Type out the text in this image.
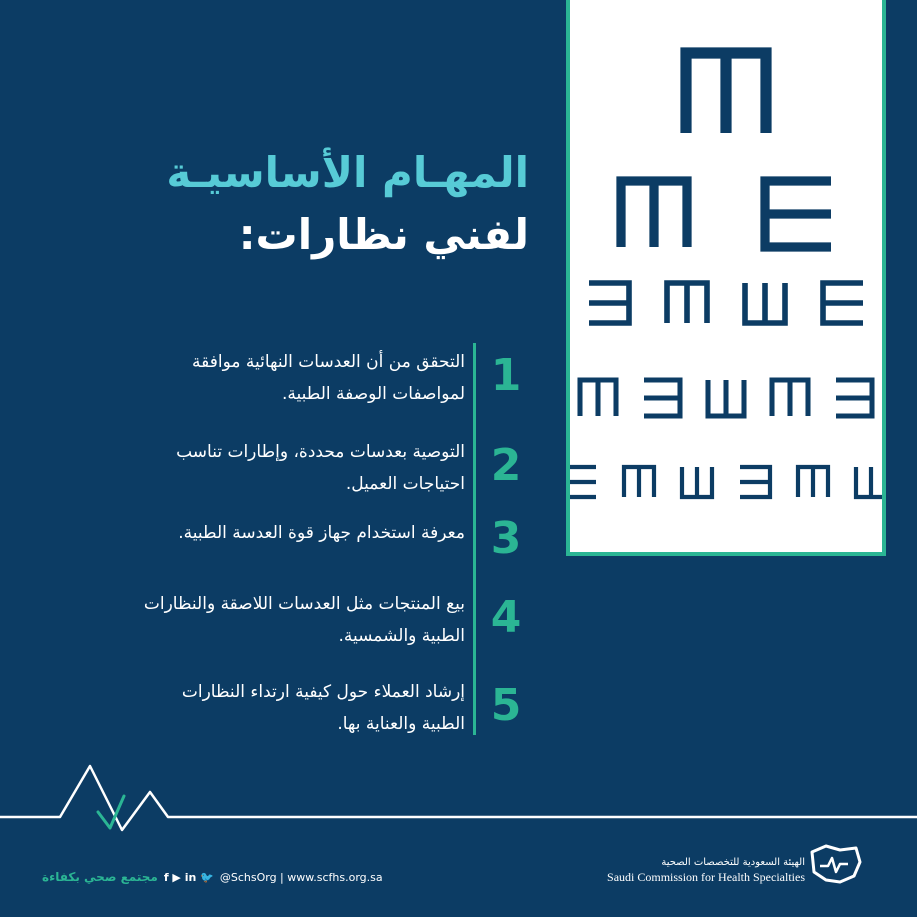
المهـام الأساسيـة
لفني نظارات:
1
التحقق من أن العدسات النهائية موافقة
لمواصفات الوصفة الطبية.
2
التوصية بعدسات محددة، وإطارات تناسب
احتياجات العميل.
3
معرفة استخدام جهاز قوة العدسة الطبية.
4
بيع المنتجات مثل العدسات اللاصقة والنظارات
الطبية والشمسية.
5
إرشاد العملاء حول كيفية ارتداء النظارات
الطبية والعناية بها.
مجتمع صحي بكفاءة f ▶ in 🐦 @SchsOrg | www.scfhs.org.sa
الهيئة السعودية للتخصصات الصحية
Saudi Commission for Health Specialties
